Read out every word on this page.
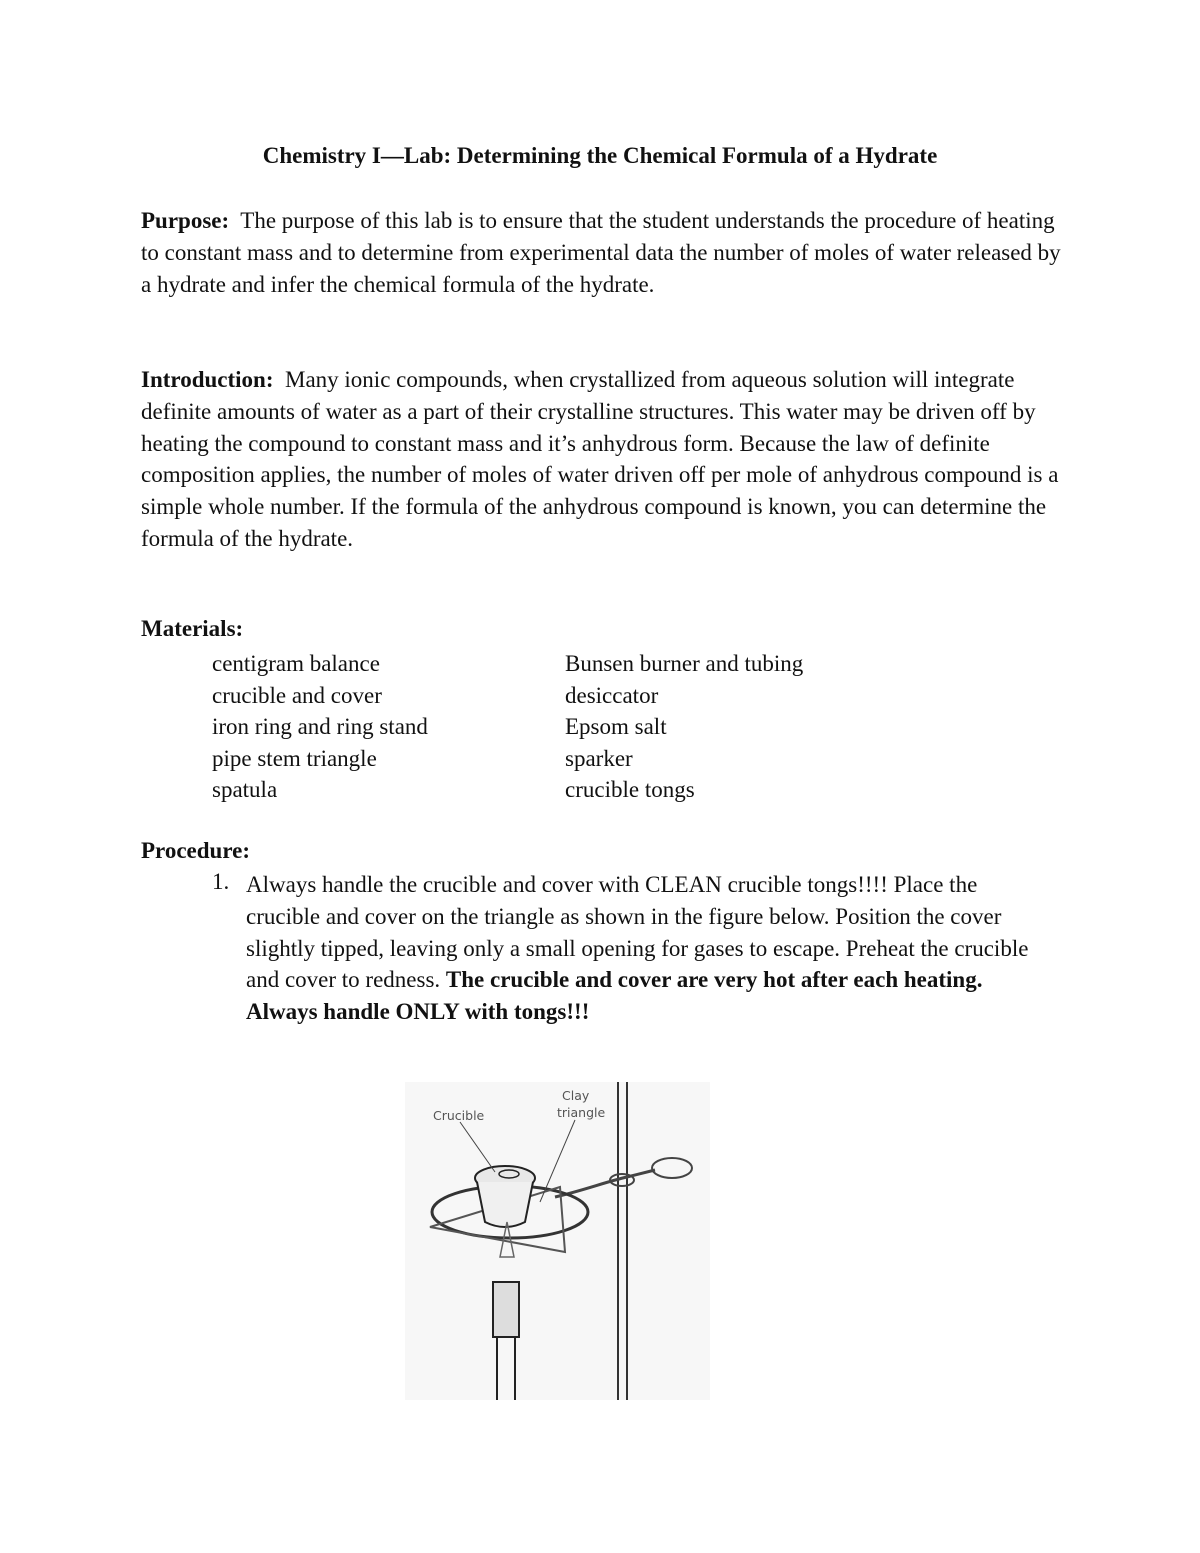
Chemistry I—Lab: Determining the Chemical Formula of a Hydrate
Purpose: The purpose of this lab is to ensure that the student understands the procedure of heating to constant mass and to determine from experimental data the number of moles of water released by a hydrate and infer the chemical formula of the hydrate.
Introduction: Many ionic compounds, when crystallized from aqueous solution will integrate definite amounts of water as a part of their crystalline structures. This water may be driven off by heating the compound to constant mass and it’s anhydrous form. Because the law of definite composition applies, the number of moles of water driven off per mole of anhydrous compound is a simple whole number. If the formula of the anhydrous compound is known, you can determine the formula of the hydrate.
Materials:
centigram balance
crucible and cover
iron ring and ring stand
pipe stem triangle
spatula
Bunsen burner and tubing
desiccator
Epsom salt
sparker
crucible tongs
Procedure:
1. Always handle the crucible and cover with CLEAN crucible tongs!!!! Place the crucible and cover on the triangle as shown in the figure below. Position the cover slightly tipped, leaving only a small opening for gases to escape. Preheat the crucible and cover to redness. The crucible and cover are very hot after each heating. Always handle ONLY with tongs!!!
Crucible
Clay
triangle
